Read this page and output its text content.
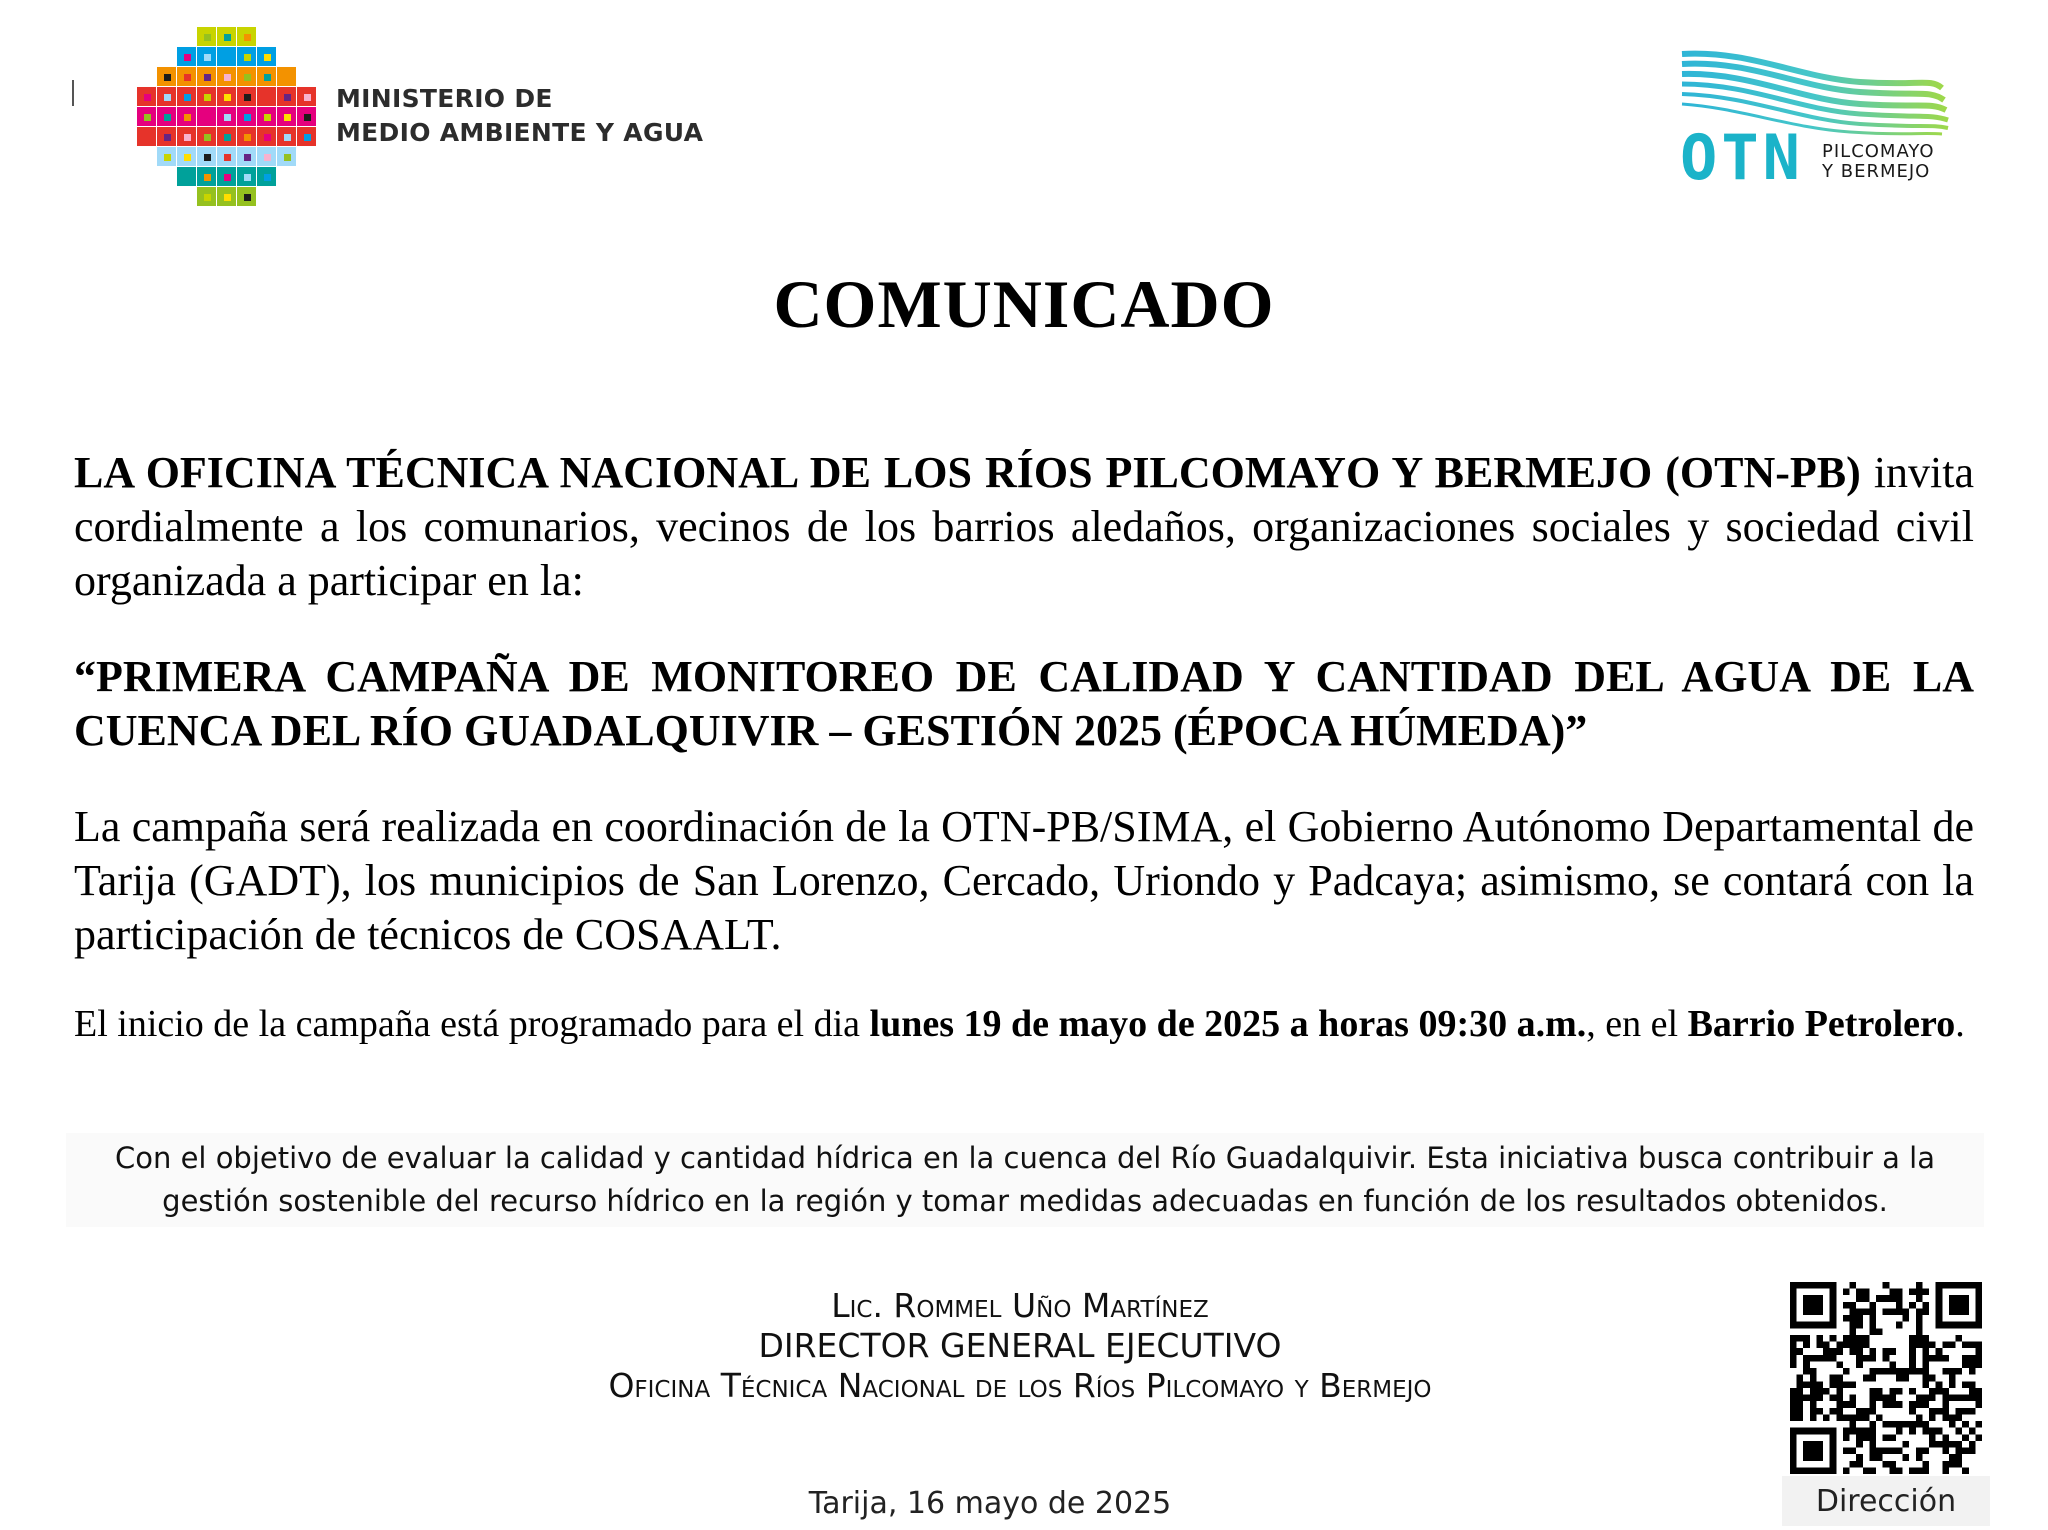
MINISTERIO DE
MEDIO AMBIENTE Y AGUA	OTN PILCOMAYO
Y BERMEJO
COMUNICADO
LA OFICINA TÉCNICA NACIONAL DE LOS RÍOS PILCOMAYO Y BERMEJO (OTN-PB) invita cordialmente a los comunarios, vecinos de los barrios aledaños, organizaciones sociales y sociedad civil organizada a participar en la:
“PRIMERA CAMPAÑA DE MONITOREO DE CALIDAD Y CANTIDAD DEL AGUA DE LA CUENCA DEL RÍO GUADALQUIVIR – GESTIÓN 2025 (ÉPOCA HÚMEDA)”
La campaña será realizada en coordinación de la OTN-PB/SIMA, el Gobierno Autónomo Departamental de Tarija (GADT), los municipios de San Lorenzo, Cercado, Uriondo y Padcaya; asimismo, se contará con la participación de técnicos de COSAALT.
El inicio de la campaña está programado para el dia lunes 19 de mayo de 2025 a horas 09:30 a.m., en el Barrio Petrolero.
Con el objetivo de evaluar la calidad y cantidad hídrica en la cuenca del Río Guadalquivir. Esta iniciativa busca contribuir a la gestión sostenible del recurso hídrico en la región y tomar medidas adecuadas en función de los resultados obtenidos.
Lic. Rommel Uño Martínez
DIRECTOR GENERAL EJECUTIVO
Oficina Técnica Nacional de los Ríos Pilcomayo y Bermejo
Tarija, 16 mayo de 2025	Dirección
